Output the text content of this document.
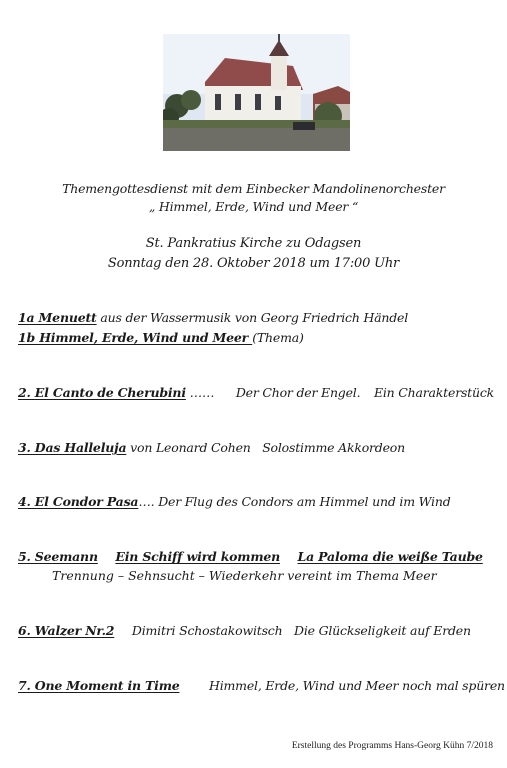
Themengottesdienst mit dem Einbecker Mandolinenorchester
„ Himmel, Erde, Wind und Meer “
St. Pankratius Kirche zu Odagsen
Sonntag den 28. Oktober 2018 um 17:00 Uhr
1a Menuett aus der Wassermusik von Georg Friedrich Händel
1b Himmel, Erde, Wind und Meer (Thema)
2. El Canto de Cherubini …… Der Chor der Engel. Ein Charakterstück
3. Das Halleluja von Leonard Cohen Solostimme Akkordeon
4. El Condor Pasa…. Der Flug des Condors am Himmel und im Wind
5. Seemann Ein Schiff wird kommen La Paloma die weiße Taube
Trennung – Sehnsucht – Wiederkehr vereint im Thema Meer
6. Walzer Nr.2 Dimitri Schostakowitsch Die Glückseligkeit auf Erden
7. One Moment in Time Himmel, Erde, Wind und Meer noch mal spüren
Erstellung des Programms Hans-Georg Kühn 7/2018
